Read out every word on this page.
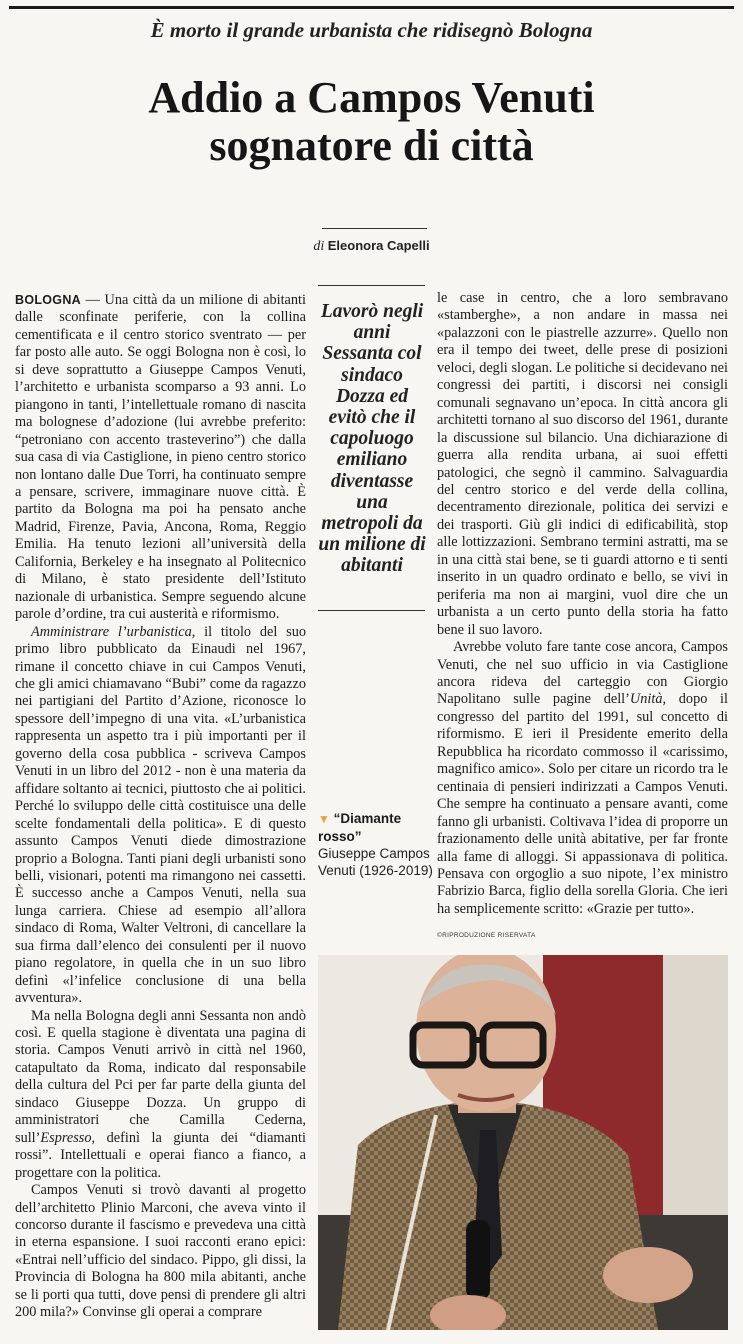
È morto il grande urbanista che ridisegnò Bologna
Addio a Campos Venuti
sognatore di città
di Eleonora Capelli

BOLOGNA — Una città da un milione di abitanti dalle sconfinate periferie, con la collina cementificata e il centro storico sventrato — per far posto alle auto. Se oggi Bologna non è così, lo si deve soprattutto a Giuseppe Campos Venuti, l’architetto e urbanista scomparso a 93 anni. Lo piangono in tanti, l’intellettuale romano di nascita ma bolognese d’adozione (lui avrebbe preferito: “petroniano con accento trasteverino”) che dalla sua casa di via Castiglione, in pieno centro storico non lontano dalle Due Torri, ha continuato sempre a pensare, scrivere, immaginare nuove città. È partito da Bologna ma poi ha pensato anche Madrid, Firenze, Pavia, Ancona, Roma, Reggio Emilia. Ha tenuto lezioni all’università della California, Berkeley e ha insegnato al Politecnico di Milano, è stato presidente dell’Istituto nazionale di urbanistica. Sempre seguendo alcune parole d’ordine, tra cui austerità e riformismo.

Amministrare l’urbanistica, il titolo del suo primo libro pubblicato da Einaudi nel 1967, rimane il concetto chiave in cui Campos Venuti, che gli amici chiamavano “Bubi” come da ragazzo nei partigiani del Partito d’Azione, riconosce lo spessore dell’impegno di una vita. «L’urbanistica rappresenta un aspetto tra i più importanti per il governo della cosa pubblica - scriveva Campos Venuti in un libro del 2012 - non è una materia da affidare soltanto ai tecnici, piuttosto che ai politici. Perché lo sviluppo delle città costituisce una delle scelte fondamentali della politica». E di questo assunto Campos Venuti diede dimostrazione proprio a Bologna. Tanti piani degli urbanisti sono belli, visionari, potenti ma rimangono nei cassetti. È successo anche a Campos Venuti, nella sua lunga carriera. Chiese ad esempio all’allora sindaco di Roma, Walter Veltroni, di cancellare la sua firma dall’elenco dei consulenti per il nuovo piano regolatore, in quella che in un suo libro definì «l’infelice conclusione di una bella avventura».

Ma nella Bologna degli anni Sessanta non andò così. E quella stagione è diventata una pagina di storia. Campos Venuti arrivò in città nel 1960, catapultato da Roma, indicato dal responsabile della cultura del Pci per far parte della giunta del sindaco Giuseppe Dozza. Un gruppo di amministratori che Camilla Cederna, sull’Espresso, definì la giunta dei “diamanti rossi”. Intellettuali e operai fianco a fianco, a progettare con la politica.

Campos Venuti si trovò davanti al progetto dell’architetto Plinio Marconi, che aveva vinto il concorso durante il fascismo e prevedeva una città in eterna espansione. I suoi racconti erano epici: «Entrai nell’ufficio del sindaco. Pippo, gli dissi, la Provincia di Bologna ha 800 mila abitanti, anche se li porti qua tutti, dove pensi di prendere gli altri 200 mila?» Convinse gli operai a comprare

Lavorò negli anni Sessanta col sindaco Dozza ed evitò che il capoluogo emiliano diventasse una metropoli da un milione di abitanti
▼ “Diamante rosso”
Giuseppe Campos Venuti (1926-2019)

le case in centro, che a loro sembravano «stamberghe», a non andare in massa nei «palazzoni con le piastrelle azzurre». Quello non era il tempo dei tweet, delle prese di posizioni veloci, degli slogan. Le politiche si decidevano nei congressi dei partiti, i discorsi nei consigli comunali segnavano un’epoca. In città ancora gli architetti tornano al suo discorso del 1961, durante la discussione sul bilancio. Una dichiarazione di guerra alla rendita urbana, ai suoi effetti patologici, che segnò il cammino. Salvaguardia del centro storico e del verde della collina, decentramento direzionale, politica dei servizi e dei trasporti. Giù gli indici di edificabilità, stop alle lottizzazioni. Sembrano termini astratti, ma se in una città stai bene, se ti guardi attorno e ti senti inserito in un quadro ordinato e bello, se vivi in periferia ma non ai margini, vuol dire che un urbanista a un certo punto della storia ha fatto bene il suo lavoro.

Avrebbe voluto fare tante cose ancora, Campos Venuti, che nel suo ufficio in via Castiglione ancora rideva del carteggio con Giorgio Napolitano sulle pagine dell’Unità, dopo il congresso del partito del 1991, sul concetto di riformismo. E ieri il Presidente emerito della Repubblica ha ricordato commosso il «carissimo, magnifico amico». Solo per citare un ricordo tra le centinaia di pensieri indirizzati a Campos Venuti. Che sempre ha continuato a pensare avanti, come fanno gli urbanisti. Coltivava l’idea di proporre un frazionamento delle unità abitative, per far fronte alla fame di alloggi. Si appassionava di politica. Pensava con orgoglio a suo nipote, l’ex ministro Fabrizio Barca, figlio della sorella Gloria. Che ieri ha semplicemente scritto: «Grazie per tutto».

©RIPRODUZIONE RISERVATA
